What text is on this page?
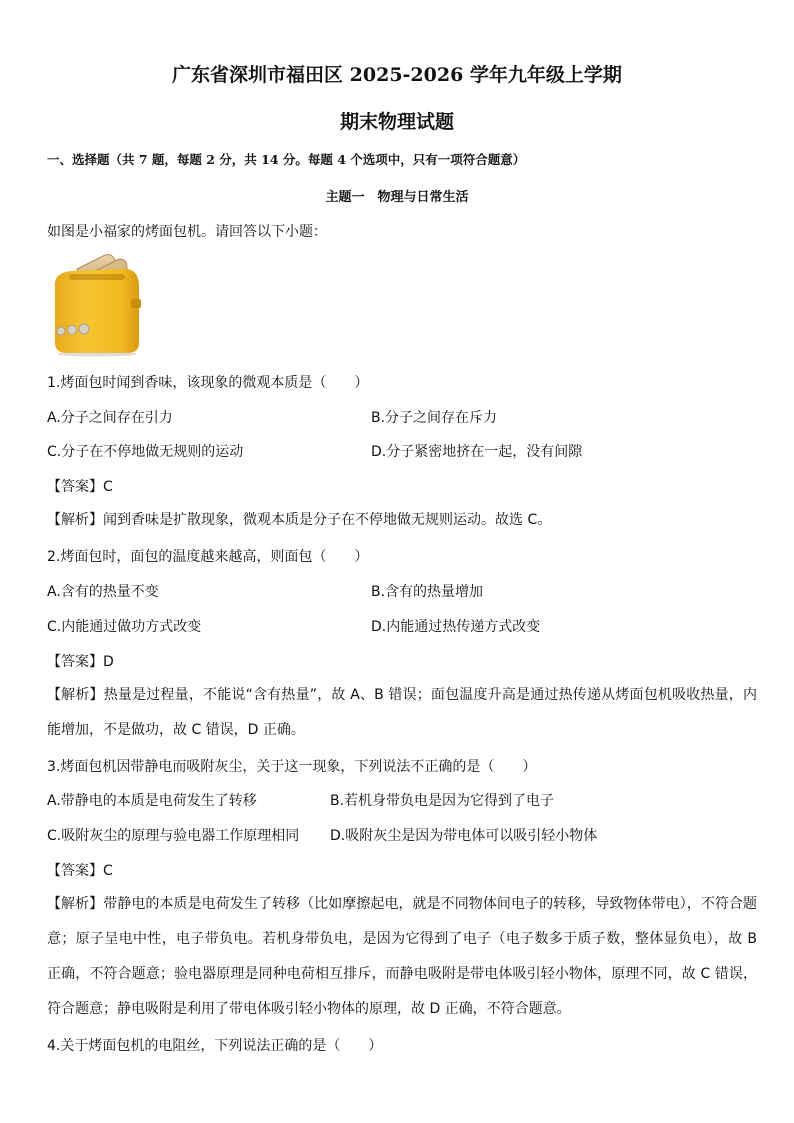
广东省深圳市福田区 2025-2026 学年九年级上学期
期末物理试题
一、选择题（共 7 题，每题 2 分，共 14 分。每题 4 个选项中，只有一项符合题意）
主题一　物理与日常生活
如图是小福家的烤面包机。请回答以下小题：
1.烤面包时闻到香味，该现象的微观本质是（　　）
A.分子之间存在引力	B.分子之间存在斥力
C.分子在不停地做无规则的运动	D.分子紧密地挤在一起，没有间隙
【答案】C
【解析】闻到香味是扩散现象，微观本质是分子在不停地做无规则运动。故选 C。
2.烤面包时，面包的温度越来越高，则面包（　　）
A.含有的热量不变	B.含有的热量增加
C.内能通过做功方式改变	D.内能通过热传递方式改变
【答案】D
【解析】热量是过程量，不能说“含有热量”，故 A、B 错误；面包温度升高是通过热传递从烤面包机吸收热量，内能增加，不是做功，故 C 错误，D 正确。
3.烤面包机因带静电而吸附灰尘，关于这一现象，下列说法不正确的是（　　）
A.带静电的本质是电荷发生了转移	B.若机身带负电是因为它得到了电子
C.吸附灰尘的原理与验电器工作原理相同 D.吸附灰尘是因为带电体可以吸引轻小物体
【答案】C
【解析】带静电的本质是电荷发生了转移（比如摩擦起电，就是不同物体间电子的转移，导致物体带电），不符合题意；原子呈电中性，电子带负电。若机身带负电，是因为它得到了电子（电子数多于质子数，整体显负电），故 B 正确，不符合题意；验电器原理是同种电荷相互排斥，而静电吸附是带电体吸引轻小物体，原理不同，故 C 错误，符合题意；静电吸附是利用了带电体吸引轻小物体的原理，故 D 正确，不符合题意。
4.关于烤面包机的电阻丝，下列说法正确的是（　　）
